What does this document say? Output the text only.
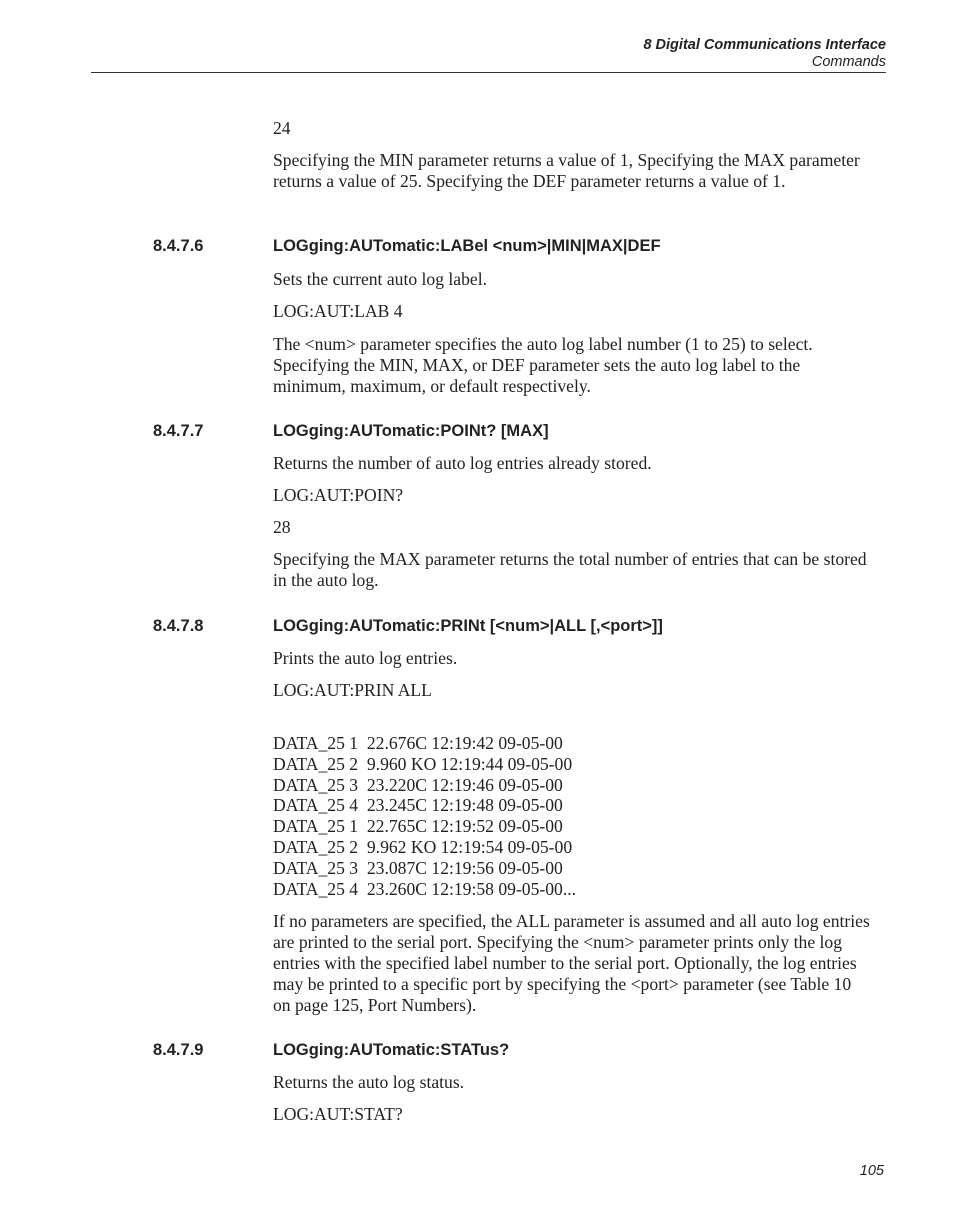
8 Digital Communications Interface
Commands
24
Specifying the MIN parameter returns a value of 1, Specifying the MAX parameter returns a value of 25. Specifying the DEF parameter returns a value of 1.
8.4.7.6	LOGging:AUTomatic:LABel <num>|MIN|MAX|DEF
Sets the current auto log label.
LOG:AUT:LAB 4
The <num> parameter specifies the auto log label number (1 to 25) to select. Specifying the MIN, MAX, or DEF parameter sets the auto log label to the minimum, maximum, or default respectively.
8.4.7.7	LOGging:AUTomatic:POINt? [MAX]
Returns the number of auto log entries already stored.
LOG:AUT:POIN?
28
Specifying the MAX parameter returns the total number of entries that can be stored in the auto log.
8.4.7.8	LOGging:AUTomatic:PRINt [<num>|ALL [,<port>]]
Prints the auto log entries.
LOG:AUT:PRIN ALL
DATA_25 1  22.676C 12:19:42 09-05-00
DATA_25 2  9.960 KO 12:19:44 09-05-00
DATA_25 3  23.220C 12:19:46 09-05-00
DATA_25 4  23.245C 12:19:48 09-05-00
DATA_25 1  22.765C 12:19:52 09-05-00
DATA_25 2  9.962 KO 12:19:54 09-05-00
DATA_25 3  23.087C 12:19:56 09-05-00
DATA_25 4  23.260C 12:19:58 09-05-00...
If no parameters are specified, the ALL parameter is assumed and all auto log entries are printed to the serial port. Specifying the <num> parameter prints only the log entries with the specified label number to the serial port. Optionally, the log entries may be printed to a specific port by specifying the <port> parameter (see Table 10 on page 125, Port Numbers).
8.4.7.9	LOGging:AUTomatic:STATus?
Returns the auto log status.
LOG:AUT:STAT?
105
